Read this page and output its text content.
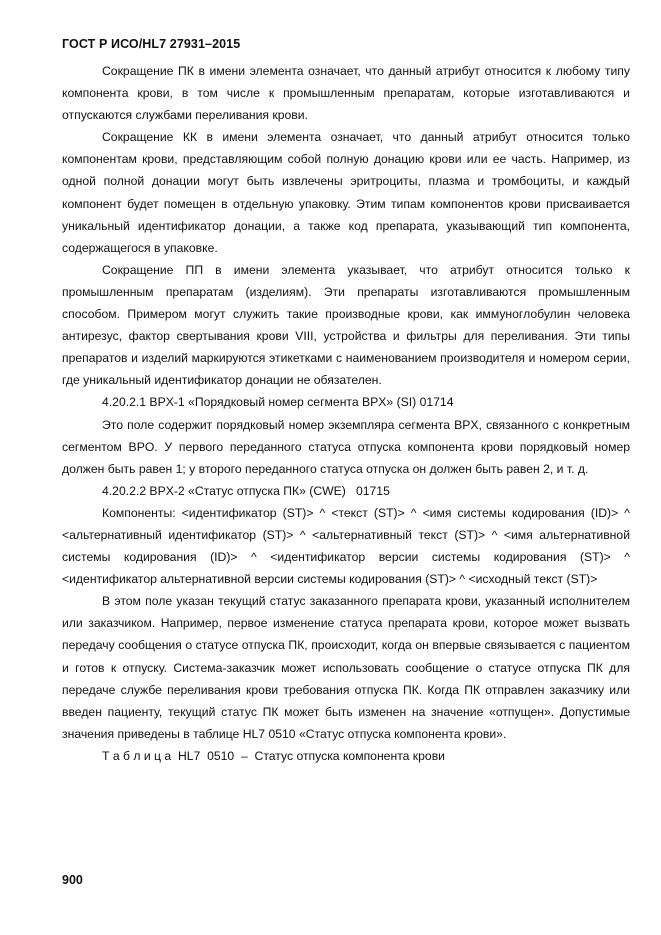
ГОСТ Р ИСО/HL7 27931–2015

Сокращение ПК в имени элемента означает, что данный атрибут относится к любому типу компонента крови, в том числе к промышленным препаратам, которые изготавливаются и отпускаются службами переливания крови.

Сокращение КК в имени элемента означает, что данный атрибут относится только компонентам крови, представляющим собой полную донацию крови или ее часть. Например, из одной полной донации могут быть извлечены эритроциты, плазма и тромбоциты, и каждый компонент будет помещен в отдельную упаковку. Этим типам компонентов крови присваивается уникальный идентификатор донации, а также код препарата, указывающий тип компонента, содержащегося в упаковке.

Сокращение ПП в имени элемента указывает, что атрибут относится только к промышленным препаратам (изделиям). Эти препараты изготавливаются промышленным способом. Примером могут служить такие производные крови, как иммуноглобулин человека антирезус, фактор свертывания крови VIII, устройства и фильтры для переливания. Эти типы препаратов и изделий маркируются этикетками с наименованием производителя и номером серии, где уникальный идентификатор донации не обязателен.

4.20.2.1 BPX-1 «Порядковый номер сегмента BPX» (SI) 01714

Это поле содержит порядковый номер экземпляра сегмента BPX, связанного с конкретным сегментом BPO. У первого переданного статуса отпуска компонента крови порядковый номер должен быть равен 1; у второго переданного статуса отпуска он должен быть равен 2, и т. д.

4.20.2.2 BPX-2 «Статус отпуска ПК» (CWE)   01715

Компоненты: <идентификатор (ST)> ^ <текст (ST)> ^ <имя системы кодирования (ID)> ^ <альтернативный идентификатор (ST)> ^ <альтернативный текст (ST)> ^ <имя альтернативной системы кодирования (ID)> ^ <идентификатор версии системы кодирования (ST)> ^ <идентификатор альтернативной версии системы кодирования (ST)> ^ <исходный текст (ST)>

В этом поле указан текущий статус заказанного препарата крови, указанный исполнителем или заказчиком. Например, первое изменение статуса препарата крови, которое может вызвать передачу сообщения о статусе отпуска ПК, происходит, когда он впервые связывается с пациентом и готов к отпуску. Система-заказчик может использовать сообщение о статусе отпуска ПК для передаче службе переливания крови требования отпуска ПК. Когда ПК отправлен заказчику или введен пациенту, текущий статус ПК может быть изменен на значение «отпущен». Допустимые значения приведены в таблице HL7 0510 «Статус отпуска компонента крови».

Т а б л и ц а  HL7  0510  –  Статус отпуска компонента крови

900
